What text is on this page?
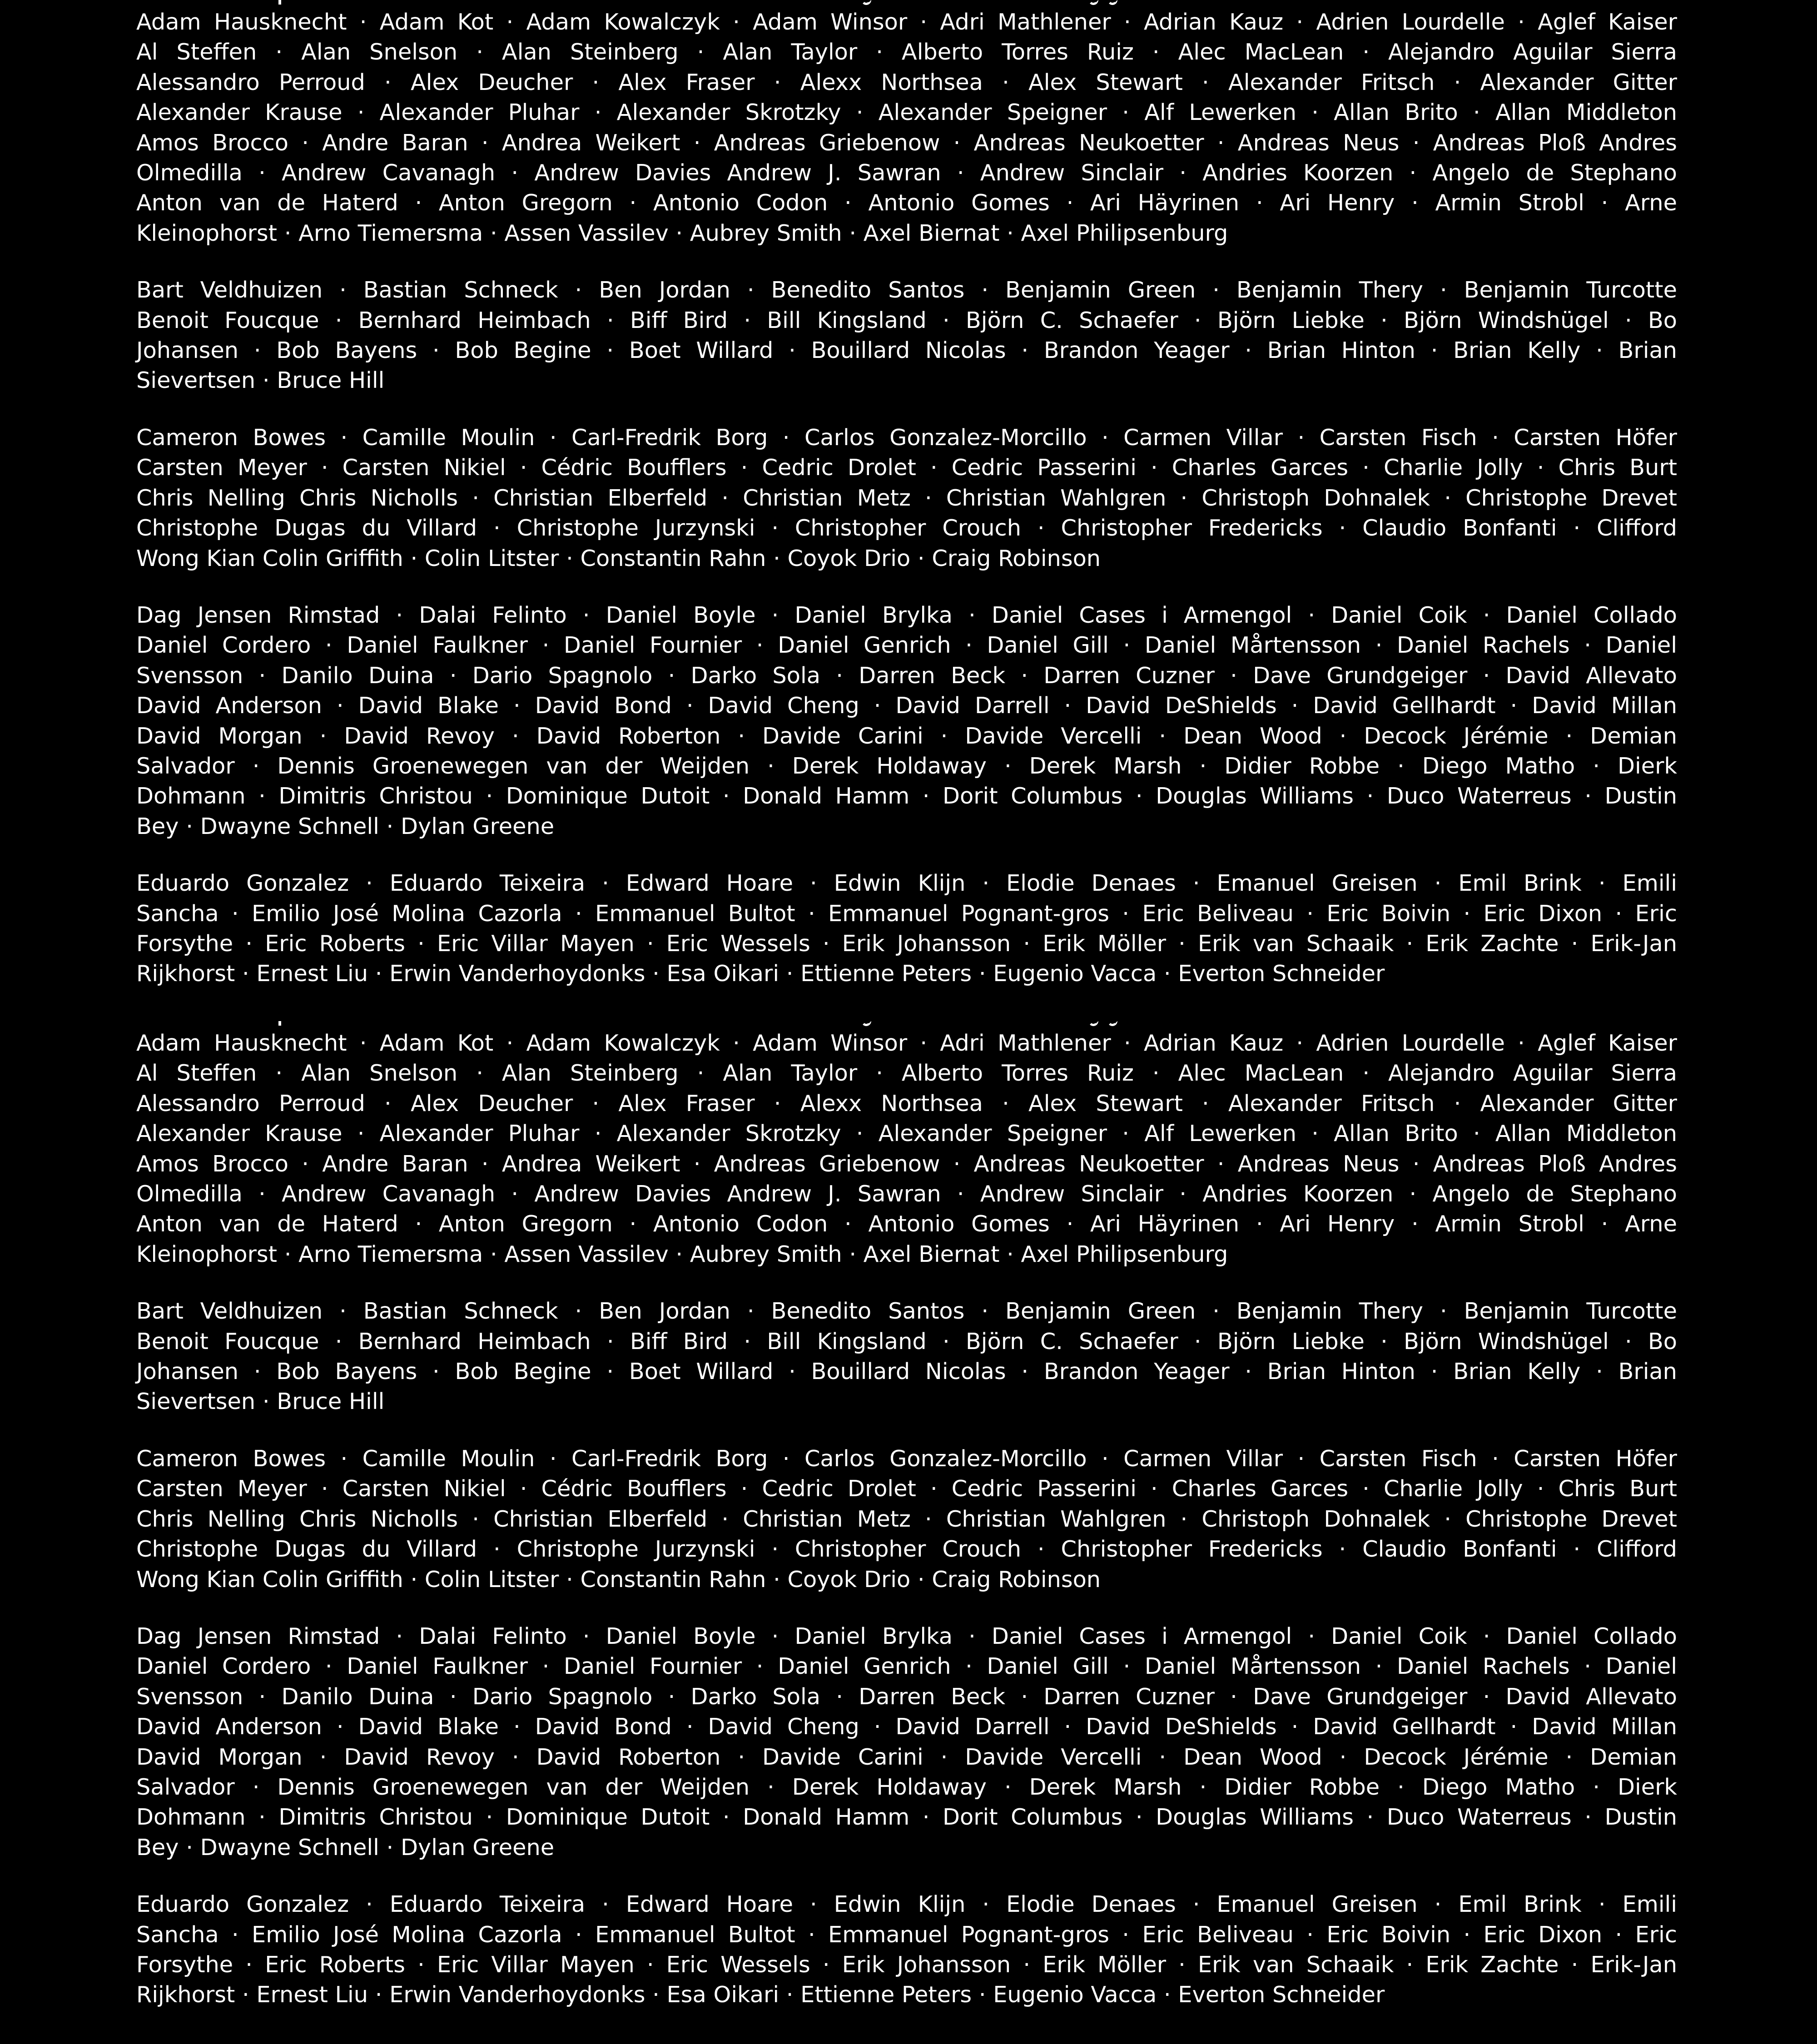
Adam Hausknecht · Adam Kot · Adam Kowalczyk · Adam Winsor · Adri Mathlener · Adrian Kauz · Adrien Lourdelle · Aglef Kaiser
Al Steffen · Alan Snelson · Alan Steinberg · Alan Taylor · Alberto Torres Ruiz · Alec MacLean · Alejandro Aguilar Sierra
Alessandro Perroud · Alex Deucher · Alex Fraser · Alexx Northsea · Alex Stewart · Alexander Fritsch · Alexander Gitter
Alexander Krause · Alexander Pluhar · Alexander Skrotzky · Alexander Speigner · Alf Lewerken · Allan Brito · Allan Middleton
Amos Brocco · Andre Baran · Andrea Weikert · Andreas Griebenow · Andreas Neukoetter · Andreas Neus · Andreas Ploß Andres
Olmedilla · Andrew Cavanagh · Andrew Davies Andrew J. Sawran · Andrew Sinclair · Andries Koorzen · Angelo de Stephano
Anton van de Haterd · Anton Gregorn · Antonio Codon · Antonio Gomes · Ari Häyrinen · Ari Henry · Armin Strobl · Arne
Kleinophorst · Arno Tiemersma · Assen Vassilev · Aubrey Smith · Axel Biernat · Axel Philipsenburg
Bart Veldhuizen · Bastian Schneck · Ben Jordan · Benedito Santos · Benjamin Green · Benjamin Thery · Benjamin Turcotte
Benoit Foucque · Bernhard Heimbach · Biff Bird · Bill Kingsland · Björn C. Schaefer · Björn Liebke · Björn Windshügel · Bo
Johansen · Bob Bayens · Bob Begine · Boet Willard · Bouillard Nicolas · Brandon Yeager · Brian Hinton · Brian Kelly · Brian
Sievertsen · Bruce Hill
Cameron Bowes · Camille Moulin · Carl-Fredrik Borg · Carlos Gonzalez-Morcillo · Carmen Villar · Carsten Fisch · Carsten Höfer
Carsten Meyer · Carsten Nikiel · Cédric Boufflers · Cedric Drolet · Cedric Passerini · Charles Garces · Charlie Jolly · Chris Burt
Chris Nelling Chris Nicholls · Christian Elberfeld · Christian Metz · Christian Wahlgren · Christoph Dohnalek · Christophe Drevet
Christophe Dugas du Villard · Christophe Jurzynski · Christopher Crouch · Christopher Fredericks · Claudio Bonfanti · Clifford
Wong Kian Colin Griffith · Colin Litster · Constantin Rahn · Coyok Drio · Craig Robinson
Dag Jensen Rimstad · Dalai Felinto · Daniel Boyle · Daniel Brylka · Daniel Cases i Armengol · Daniel Coik · Daniel Collado
Daniel Cordero · Daniel Faulkner · Daniel Fournier · Daniel Genrich · Daniel Gill · Daniel Mårtensson · Daniel Rachels · Daniel
Svensson · Danilo Duina · Dario Spagnolo · Darko Sola · Darren Beck · Darren Cuzner · Dave Grundgeiger · David Allevato
David Anderson · David Blake · David Bond · David Cheng · David Darrell · David DeShields · David Gellhardt · David Millan
David Morgan · David Revoy · David Roberton · Davide Carini · Davide Vercelli · Dean Wood · Decock Jérémie · Demian
Salvador · Dennis Groenewegen van der Weijden · Derek Holdaway · Derek Marsh · Didier Robbe · Diego Matho · Dierk
Dohmann · Dimitris Christou · Dominique Dutoit · Donald Hamm · Dorit Columbus · Douglas Williams · Duco Waterreus · Dustin
Bey · Dwayne Schnell · Dylan Greene
Eduardo Gonzalez · Eduardo Teixeira · Edward Hoare · Edwin Klijn · Elodie Denaes · Emanuel Greisen · Emil Brink · Emili
Sancha · Emilio José Molina Cazorla · Emmanuel Bultot · Emmanuel Pognant-gros · Eric Beliveau · Eric Boivin · Eric Dixon · Eric
Forsythe · Eric Roberts · Eric Villar Mayen · Eric Wessels · Erik Johansson · Erik Möller · Erik van Schaaik · Erik Zachte · Erik-Jan
Rijkhorst · Ernest Liu · Erwin Vanderhoydonks · Esa Oikari · Ettienne Peters · Eugenio Vacca · Everton Schneider
Adam Hausknecht · Adam Kot · Adam Kowalczyk · Adam Winsor · Adri Mathlener · Adrian Kauz · Adrien Lourdelle · Aglef Kaiser
Al Steffen · Alan Snelson · Alan Steinberg · Alan Taylor · Alberto Torres Ruiz · Alec MacLean · Alejandro Aguilar Sierra
Alessandro Perroud · Alex Deucher · Alex Fraser · Alexx Northsea · Alex Stewart · Alexander Fritsch · Alexander Gitter
Alexander Krause · Alexander Pluhar · Alexander Skrotzky · Alexander Speigner · Alf Lewerken · Allan Brito · Allan Middleton
Amos Brocco · Andre Baran · Andrea Weikert · Andreas Griebenow · Andreas Neukoetter · Andreas Neus · Andreas Ploß Andres
Olmedilla · Andrew Cavanagh · Andrew Davies Andrew J. Sawran · Andrew Sinclair · Andries Koorzen · Angelo de Stephano
Anton van de Haterd · Anton Gregorn · Antonio Codon · Antonio Gomes · Ari Häyrinen · Ari Henry · Armin Strobl · Arne
Kleinophorst · Arno Tiemersma · Assen Vassilev · Aubrey Smith · Axel Biernat · Axel Philipsenburg
Bart Veldhuizen · Bastian Schneck · Ben Jordan · Benedito Santos · Benjamin Green · Benjamin Thery · Benjamin Turcotte
Benoit Foucque · Bernhard Heimbach · Biff Bird · Bill Kingsland · Björn C. Schaefer · Björn Liebke · Björn Windshügel · Bo
Johansen · Bob Bayens · Bob Begine · Boet Willard · Bouillard Nicolas · Brandon Yeager · Brian Hinton · Brian Kelly · Brian
Sievertsen · Bruce Hill
Cameron Bowes · Camille Moulin · Carl-Fredrik Borg · Carlos Gonzalez-Morcillo · Carmen Villar · Carsten Fisch · Carsten Höfer
Carsten Meyer · Carsten Nikiel · Cédric Boufflers · Cedric Drolet · Cedric Passerini · Charles Garces · Charlie Jolly · Chris Burt
Chris Nelling Chris Nicholls · Christian Elberfeld · Christian Metz · Christian Wahlgren · Christoph Dohnalek · Christophe Drevet
Christophe Dugas du Villard · Christophe Jurzynski · Christopher Crouch · Christopher Fredericks · Claudio Bonfanti · Clifford
Wong Kian Colin Griffith · Colin Litster · Constantin Rahn · Coyok Drio · Craig Robinson
Dag Jensen Rimstad · Dalai Felinto · Daniel Boyle · Daniel Brylka · Daniel Cases i Armengol · Daniel Coik · Daniel Collado
Daniel Cordero · Daniel Faulkner · Daniel Fournier · Daniel Genrich · Daniel Gill · Daniel Mårtensson · Daniel Rachels · Daniel
Svensson · Danilo Duina · Dario Spagnolo · Darko Sola · Darren Beck · Darren Cuzner · Dave Grundgeiger · David Allevato
David Anderson · David Blake · David Bond · David Cheng · David Darrell · David DeShields · David Gellhardt · David Millan
David Morgan · David Revoy · David Roberton · Davide Carini · Davide Vercelli · Dean Wood · Decock Jérémie · Demian
Salvador · Dennis Groenewegen van der Weijden · Derek Holdaway · Derek Marsh · Didier Robbe · Diego Matho · Dierk
Dohmann · Dimitris Christou · Dominique Dutoit · Donald Hamm · Dorit Columbus · Douglas Williams · Duco Waterreus · Dustin
Bey · Dwayne Schnell · Dylan Greene
Eduardo Gonzalez · Eduardo Teixeira · Edward Hoare · Edwin Klijn · Elodie Denaes · Emanuel Greisen · Emil Brink · Emili
Sancha · Emilio José Molina Cazorla · Emmanuel Bultot · Emmanuel Pognant-gros · Eric Beliveau · Eric Boivin · Eric Dixon · Eric
Forsythe · Eric Roberts · Eric Villar Mayen · Eric Wessels · Erik Johansson · Erik Möller · Erik van Schaaik · Erik Zachte · Erik-Jan
Rijkhorst · Ernest Liu · Erwin Vanderhoydonks · Esa Oikari · Ettienne Peters · Eugenio Vacca · Everton Schneider
